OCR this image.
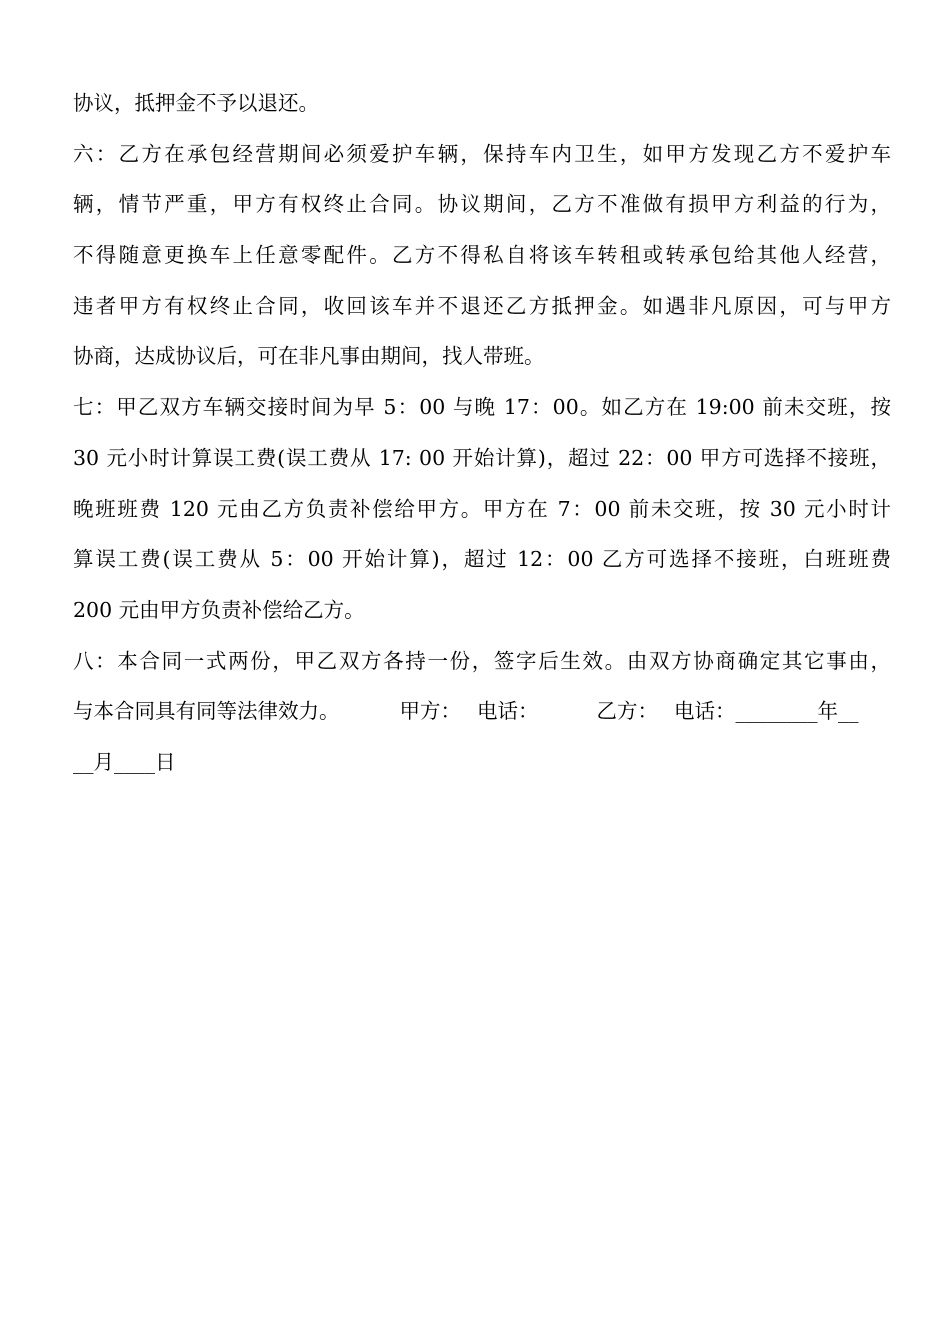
协议，抵押金不予以退还。
六：乙方在承包经营期间必须爱护车辆，保持车内卫生，如甲方发现乙方不爱护车
辆，情节严重，甲方有权终止合同。协议期间，乙方不准做有损甲方利益的行为，
不得随意更换车上任意零配件。乙方不得私自将该车转租或转承包给其他人经营，
违者甲方有权终止合同，收回该车并不退还乙方抵押金。如遇非凡原因，可与甲方
协商，达成协议后，可在非凡事由期间，找人带班。
七：甲乙双方车辆交接时间为早 5：00 与晚 17：00。如乙方在 19:00 前未交班，按
30 元小时计算误工费(误工费从 17: 00 开始计算)，超过 22：00 甲方可选择不接班，
晚班班费 120 元由乙方负责补偿给甲方。甲方在 7：00 前未交班，按 30 元小时计
算误工费(误工费从 5：00 开始计算)，超过 12：00 乙方可选择不接班，白班班费
200 元由甲方负责补偿给乙方。
八：本合同一式两份，甲乙双方各持一份，签字后生效。由双方协商确定其它事由，
与本合同具有同等法律效力。	甲方： 电话：	乙方： 电话：________年__
__月____日
